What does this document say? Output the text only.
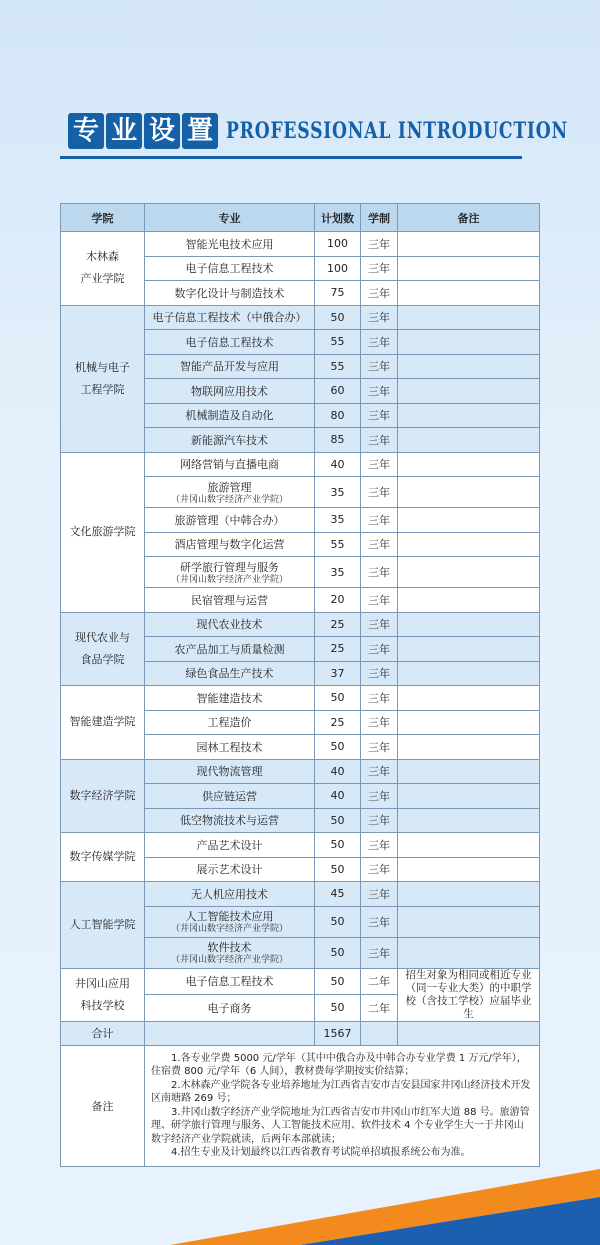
专 业 设 置 PROFESSIONAL INTRODUCTION
学院	专业	计划数	学制	备注

木林森
产业学院	智能光电技术应用	100	三年	
	电子信息工程技术	100	三年	
	数字化设计与制造技术	75	三年	

机械与电子
工程学院	电子信息工程技术（中俄合办）	50	三年	
	电子信息工程技术	55	三年	
	智能产品开发与应用	55	三年	
	物联网应用技术	60	三年	
	机械制造及自动化	80	三年	
	新能源汽车技术	85	三年	

文化旅游学院	网络营销与直播电商	40	三年	
	旅游管理
（井冈山数字经济产业学院）	35	三年	
	旅游管理（中韩合办）	35	三年	
	酒店管理与数字化运营	55	三年	
	研学旅行管理与服务
（井冈山数字经济产业学院）	35	三年	
	民宿管理与运营	20	三年	

现代农业与
食品学院	现代农业技术	25	三年	
	农产品加工与质量检测	25	三年	
	绿色食品生产技术	37	三年	

智能建造学院	智能建造技术	50	三年	
	工程造价	25	三年	
	园林工程技术	50	三年	

数字经济学院	现代物流管理	40	三年	
	供应链运营	40	三年	
	低空物流技术与运营	50	三年	

数字传媒学院	产品艺术设计	50	三年	
	展示艺术设计	50	三年	

人工智能学院	无人机应用技术	45	三年	
	人工智能技术应用
（井冈山数字经济产业学院）	50	三年	
	软件技术
（井冈山数字经济产业学院）	50	三年	

井冈山应用
科技学校	电子信息工程技术	50	二年	招生对象为相同或相近专业（同一专业大类）的中职学校（含技工学校）应届毕业生
	电子商务	50	二年	
合计		1567		
备注	1.各专业学费 5000 元/学年（其中中俄合办及中韩合办专业学费 1 万元/学年），住宿费 800 元/学年（6 人间），教材费每学期按实价结算；

2.木林森产业学院各专业培养地址为江西省吉安市吉安县国家井冈山经济技术开发区南塘路 269 号；

3.井冈山数字经济产业学院地址为江西省吉安市井冈山市红军大道 88 号。旅游管理、研学旅行管理与服务、人工智能技术应用、软件技术 4 个专业学生大一于井冈山数字经济产业学院就读，后两年本部就读；

4.招生专业及计划最终以江西省教育考试院单招填报系统公布为准。			
